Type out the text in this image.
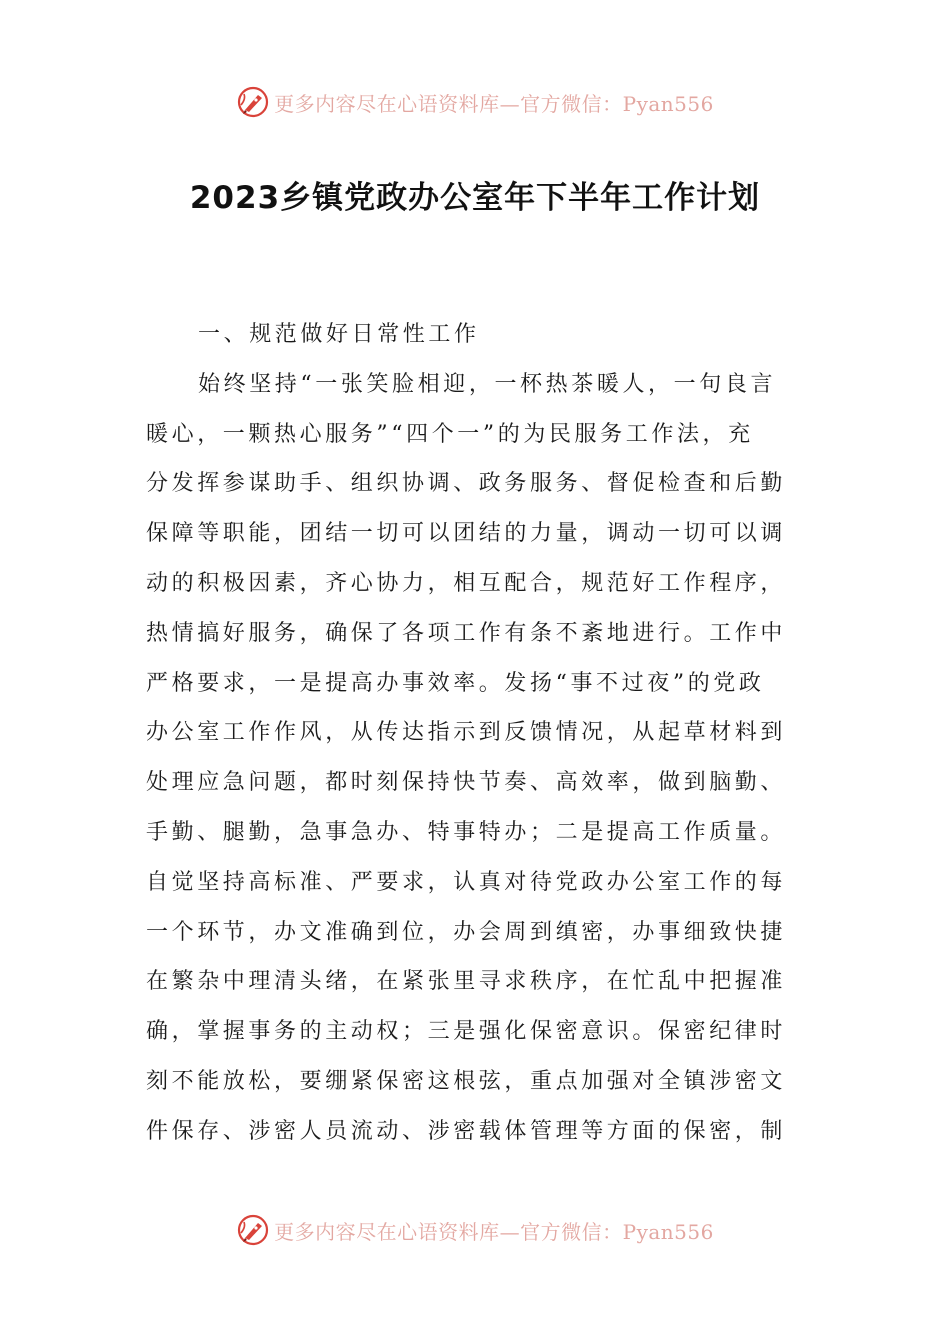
更多内容尽在心语资料库—官方微信：Pyan556
2023乡镇党政办公室年下半年工作计划
一、规范做好日常性工作
始终坚持“一张笑脸相迎，一杯热茶暖人，一句良言
暖心，一颗热心服务”“四个一”的为民服务工作法，充
分发挥参谋助手、组织协调、政务服务、督促检查和后勤
保障等职能，团结一切可以团结的力量，调动一切可以调
动的积极因素，齐心协力，相互配合，规范好工作程序，
热情搞好服务，确保了各项工作有条不紊地进行。工作中
严格要求，一是提高办事效率。发扬“事不过夜”的党政
办公室工作作风，从传达指示到反馈情况，从起草材料到
处理应急问题，都时刻保持快节奏、高效率，做到脑勤、
手勤、腿勤，急事急办、特事特办；二是提高工作质量。
自觉坚持高标准、严要求，认真对待党政办公室工作的每
一个环节，办文准确到位，办会周到缜密，办事细致快捷
在繁杂中理清头绪，在紧张里寻求秩序，在忙乱中把握准
确，掌握事务的主动权；三是强化保密意识。保密纪律时
刻不能放松，要绷紧保密这根弦，重点加强对全镇涉密文
件保存、涉密人员流动、涉密载体管理等方面的保密，制
更多内容尽在心语资料库—官方微信：Pyan556
